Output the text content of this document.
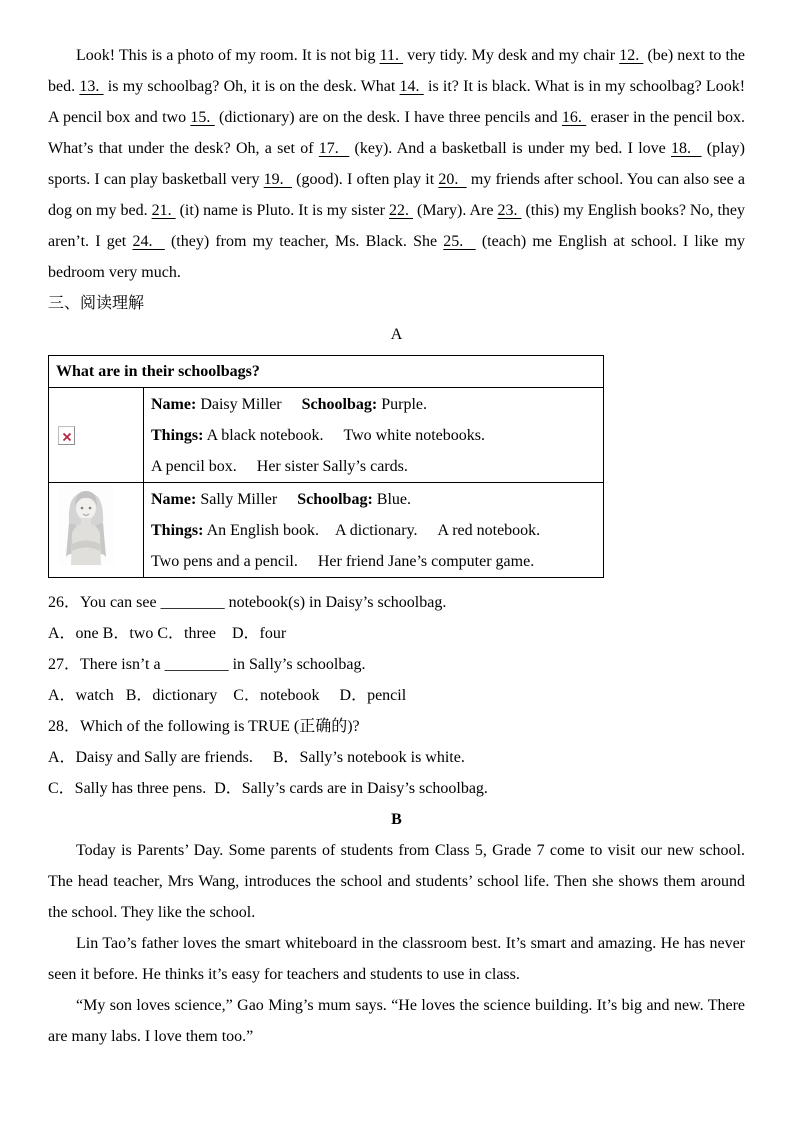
Look! This is a photo of my room. It is not big 11.  very tidy. My desk and my chair 12.  (be) next to the bed. 13.  is my schoolbag? Oh, it is on the desk. What 14.  is it? It is black. What is in my schoolbag? Look! A pencil box and two 15.  (dictionary) are on the desk. I have three pencils and 16.  eraser in the pencil box. What’s that under the desk? Oh, a set of 17.   (key). And a basketball is under my bed. I love 18.   (play) sports. I can play basketball very 19.   (good). I often play it 20.   my friends after school. You can also see a dog on my bed. 21.  (it) name is Pluto. It is my sister 22.  (Mary). Are 23.  (this) my English books? No, they aren’t. I get 24.   (they) from my teacher, Ms. Black. She 25.   (teach) me English at school. I like my bedroom very much.

三、阅读理解
A
What are in their schoolbags?	

Name: Daisy Miller     Schoolbag: Purple.
Things: A black notebook.     Two white notebooks.
A pencil box.     Her sister Sally’s cards.

Name: Sally Miller     Schoolbag: Blue.
Things: An English book.    A dictionary.     A red notebook.
Two pens and a pencil.     Her friend Jane’s computer game.
26．You can see ________ notebook(s) in Daisy’s schoolbag.
A．one B．two C．three    D．four
27．There isn’t a ________ in Sally’s schoolbag.
A．watch   B．dictionary    C．notebook     D．pencil
28．Which of the following is TRUE (正确的)?
A．Daisy and Sally are friends.     B．Sally’s notebook is white.
C．Sally has three pens.  D．Sally’s cards are in Daisy’s schoolbag.
B

Today is Parents’ Day. Some parents of students from Class 5, Grade 7 come to visit our new school. The head teacher, Mrs Wang, introduces the school and students’ school life. Then she shows them around the school. They like the school.

Lin Tao’s father loves the smart whiteboard in the classroom best. It’s smart and amazing. He has never seen it before. He thinks it’s easy for teachers and students to use in class.

“My son loves science,” Gao Ming’s mum says. “He loves the science building. It’s big and new. There are many labs. I love them too.”
